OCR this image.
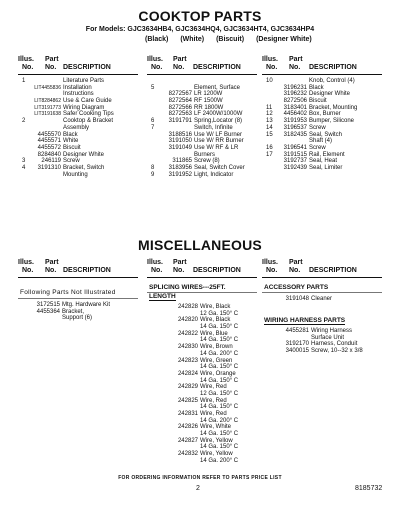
COOKTOP PARTS
For Models: GJC3634HB4, GJC3634HQ4, GJC3634HT4, GJC3634HP4
(Black) (White) (Biscuit) (Designer White)
Illus.
No.
Part
No. DESCRIPTION
Illus.
No.
Part
No. DESCRIPTION
Illus.
No.
Part
No. DESCRIPTION
1	Literature Parts
LIT4455836 Installation
Instructions
LIT8284862 Use & Care Guide
LIT3191773 Wiring Diagram
LIT3191638 Safer Cooking Tips
2	Cooktop & Bracket
Assembly
4455570 Black
4455571 White
4455572 Biscuit
8284840 Designer White
3	246119 Screw
4	3191310 Bracket, Switch
Mounting
5	Element, Surface
8272567 LR 1200W
8272564 RF 1500W
8272566 RR 1800W
8272563 LF 2400W/1000W
6	3191791 Spring,Locator (8)
7	Switch, Infinite
3188516 Use W/ LF Burner
3191050 Use W/ RR Burner
3191049 Use W/ RF & LR
Burners
311865 Screw (8)
8	3183956 Seal, Switch Cover
9	3191952 Light, Indicator
10	Knob, Control (4)
3196231 Black
3196232 Designer White
8272506 Biscuit
11	3183401 Bracket, Mounting
12	4456402 Box, Burner
13	3191953 Bumper, Silicone
14	3196537 Screw
15	3182435 Seal, Switch
Shaft (4)
16	3196541 Screw
17	3191515 Rail, Element
3192737 Seal, Heat
3192439 Seal, Limiter
MISCELLANEOUS
Illus.
No.
Part
No. DESCRIPTION
Illus.
No.
Part
No. DESCRIPTION
Illus.
No.
Part
No. DESCRIPTION
Following Parts Not Illustrated
3172515 Mtg. Hardware Kit
4455364 Bracket,
Support (6)
SPLICING WIRES---25FT.
LENGTH
242828 Wire, Black
12 Ga. 150° C
242820 Wire, Black
14 Ga. 150° C
242822 Wire, Blue
14 Ga. 150° C
242830 Wire, Brown
14 Ga. 200° C
242823 Wire, Green
14 Ga. 150° C
242824 Wire, Orange
14 Ga. 150° C
242829 Wire, Red
12 Ga. 150° C
242825 Wire, Red
14 Ga. 150° C
242831 Wire, Red
14 Ga. 200° C
242826 Wire, White
14 Ga. 150° C
242827 Wire, Yellow
14 Ga. 150° C
242832 Wire, Yellow
14 Ga. 200° C
ACCESSORY PARTS
3191048 Cleaner
WIRING HARNESS PARTS
4455281 Wiring Harness
Surface Unit
3192170 Harness, Conduit
3400015 Screw, 10--32 x 3/8
FOR ORDERING INFORMATION REFER TO PARTS PRICE LIST
2	8185732
